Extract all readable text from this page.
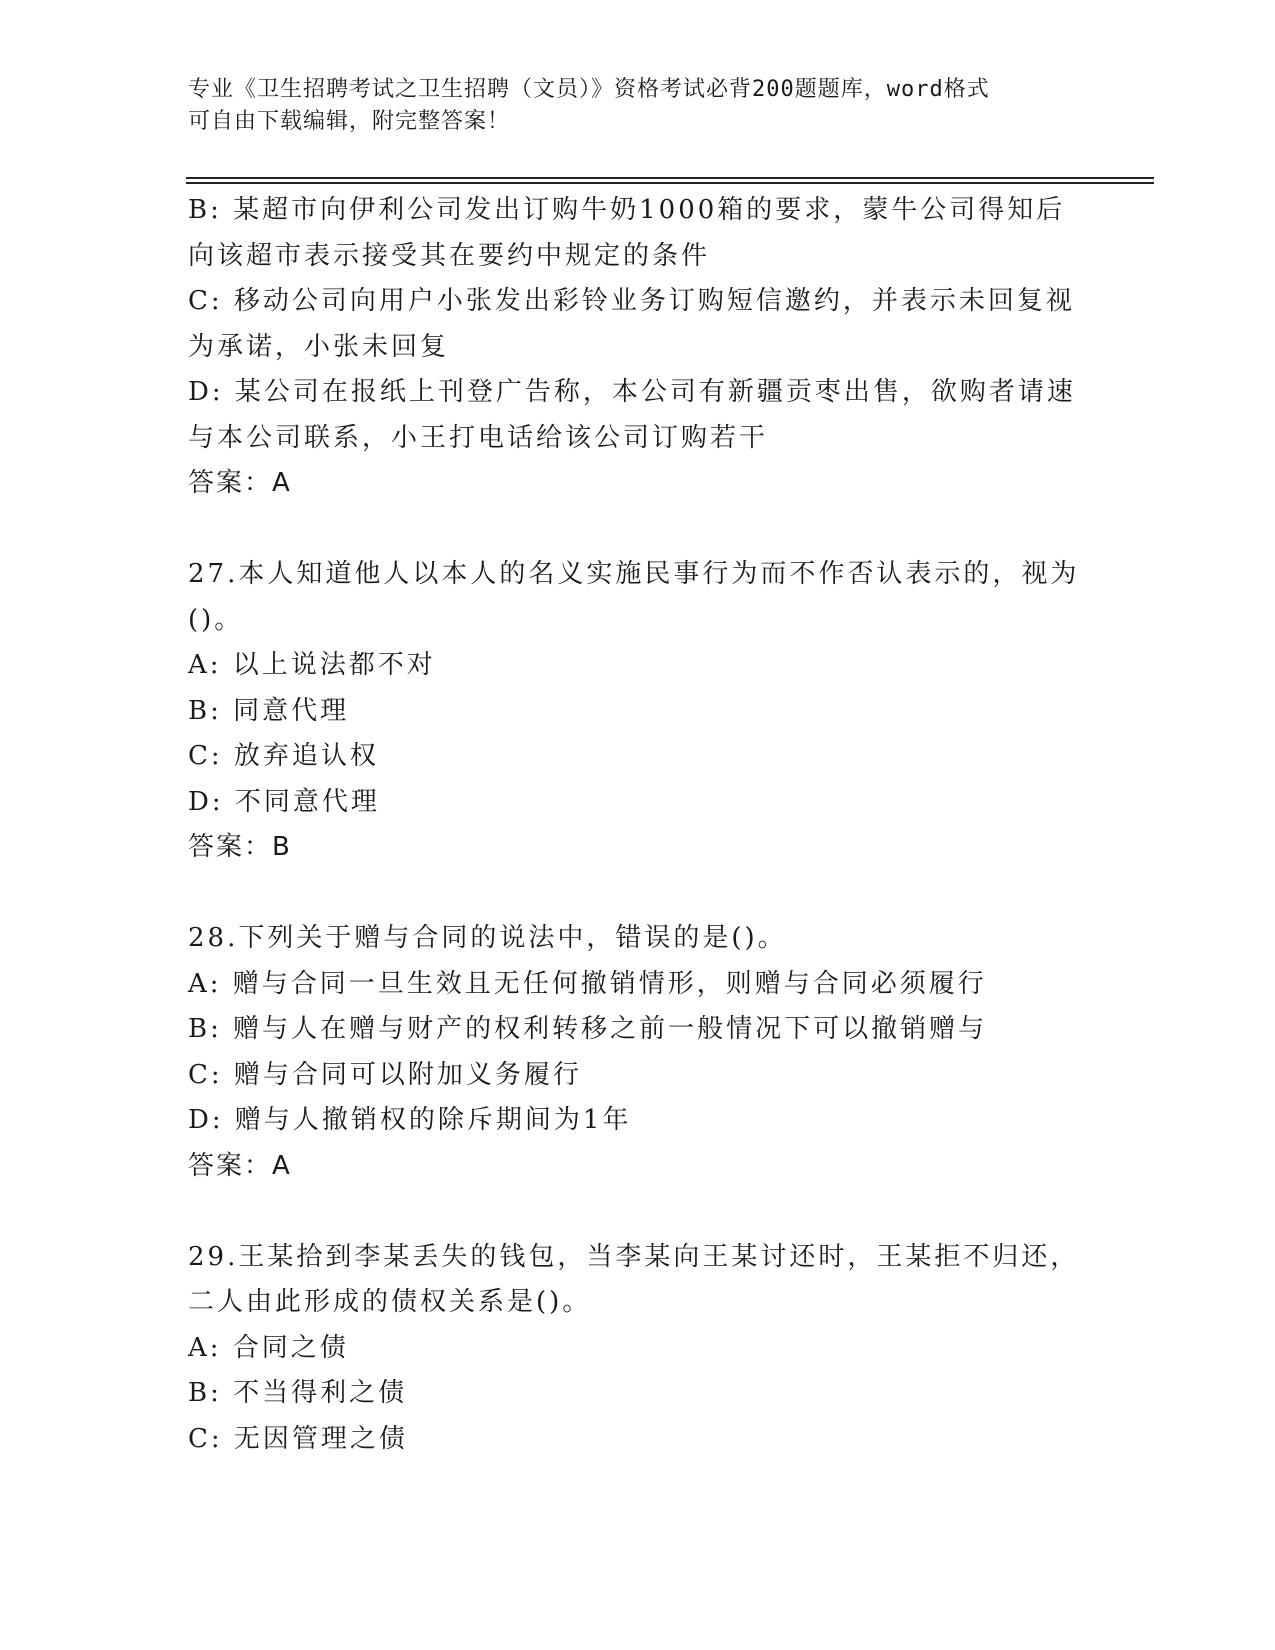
专业《卫生招聘考试之卫生招聘（文员）》资格考试必背200题题库，word格式
可自由下载编辑，附完整答案！
B: 某超市向伊利公司发出订购牛奶1000箱的要求，蒙牛公司得知后
向该超市表示接受其在要约中规定的条件
C: 移动公司向用户小张发出彩铃业务订购短信邀约，并表示未回复视
为承诺，小张未回复
D: 某公司在报纸上刊登广告称，本公司有新疆贡枣出售，欲购者请速
与本公司联系，小王打电话给该公司订购若干
答案：A
27.本人知道他人以本人的名义实施民事行为而不作否认表示的，视为
()。
A: 以上说法都不对
B: 同意代理
C: 放弃追认权
D: 不同意代理
答案：B
28.下列关于赠与合同的说法中，错误的是()。
A: 赠与合同一旦生效且无任何撤销情形，则赠与合同必须履行
B: 赠与人在赠与财产的权利转移之前一般情况下可以撤销赠与
C: 赠与合同可以附加义务履行
D: 赠与人撤销权的除斥期间为1年
答案：A
29.王某拾到李某丢失的钱包，当李某向王某讨还时，王某拒不归还，
二人由此形成的债权关系是()。
A: 合同之债
B: 不当得利之债
C: 无因管理之债
